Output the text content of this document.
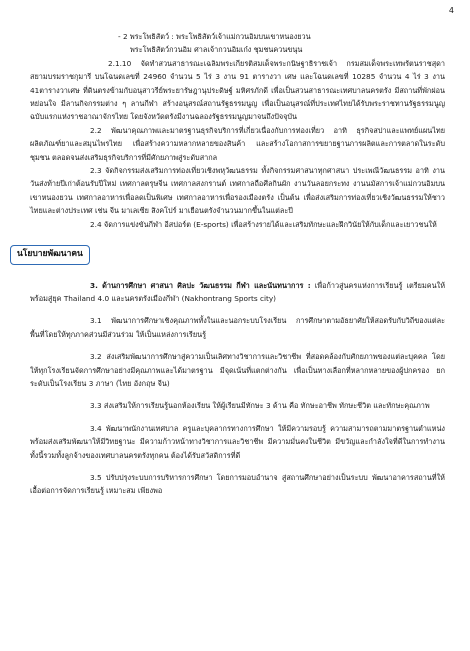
4

- 2 พระโพธิสัตว์ : พระโพธิสัตว์เจ้าแม่กวนอิมบนเขาหนองยวน

พระโพธิสัตว์กวนอิม ศาลเจ้ากวนอิมเก๋ง ชุมชนควนขนุน

2.1.10 จัดทำสวนสาธารณะเฉลิมพระเกียรติสมเด็จพระกนิษฐาธิราชเจ้า กรมสมเด็จพระเทพรัตนราชสุดา สยามบรมราชกุมารี บนโฉนดเลขที่ 24960 จำนวน 5 ไร่ 3 งาน 91 ตารางวา เศษ และโฉนดเลขที่ 10285 จำนวน 4 ไร่ 3 งาน 41ตารางวาเศษ ที่ดินตรงข้ามกับอนุสาวรีย์พระยารัษฎานุประดิษฐ์ มหิศรภักดี เพื่อเป็นสวนสาธารณะเทศบาลนครตรัง มีสถานที่พักผ่อนหย่อนใจ มีลานกิจกรรมต่าง ๆ ลานกีฬา สร้างอนุสรณ์สถานรัฐธรรมนูญ เพื่อเป็นอนุสรณ์ที่ประเทศไทยได้รับพระราชทานรัฐธรรมนูญฉบับแรกแห่งราชอาณาจักรไทย โดยจังหวัดตรังมีงานฉลองรัฐธรรมนูญมาจนถึงปัจจุบัน

2.2 พัฒนาคุณภาพและมาตรฐานธุรกิจบริการที่เกี่ยวเนื่องกับการท่องเที่ยว อาทิ ธุรกิจสปาและแพทย์แผนไทย ผลิตภัณฑ์ยาและสมุนไพรไทย เพื่อสร้างความหลากหลายของสินค้า และสร้างโอกาสการขยายฐานการผลิตและการตลาดในระดับชุมชน ตลอดจนส่งเสริมธุรกิจบริการที่มีศักยภาพสู่ระดับสากล

2.3 จัดกิจกรรมส่งเสริมการท่องเที่ยวเชิงพหุวัฒนธรรม ทั้งกิจกรรมศาสนาทุกศาสนา ประเพณีวัฒนธรรม อาทิ งานวันส่งท้ายปีเก่าต้อนรับปีใหม่ เทศกาลตรุษจีน เทศกาลสงกรานต์ เทศกาลถือศีลกินผัก งานวันลอยกระทง งานนมัสการเจ้าแม่กวนอิมบนเขาหนองยวน เทศกาลอาหารเพื่อลดเป็นพิเศษ เทศกาลอาหารเพื่อรองเมืองตรัง เป็นต้น เพื่อส่งเสริมการท่องเที่ยวเชิงวัฒนธรรมให้ชาวไทยและต่างประเทศ เช่น จีน มาเลเซีย สิงคโปร์ มาเยือนตรังจำนวนมากขึ้นในแต่ละปี

2.4 จัดการแข่งขันกีฬา อีสปอร์ต (E-sports) เพื่อสร้างรายได้และเสริมทักษะและฝึกวินัยให้กับเด็กและเยาวชนให้

นโยบายพัฒนาคน

3. ด้านการศึกษา ศาสนา ศิลปะ วัฒนธรรม กีฬา และนันทนาการ : เพื่อก้าวสู่นครแห่งการเรียนรู้ เตรียมคนให้พร้อมสู่ยุค Thailand 4.0 และนครตรังเมืองกีฬา (Nakhontrang Sports city)

3.1 พัฒนาการศึกษาเชิงคุณภาพทั้งในและนอกระบบโรงเรียน การศึกษาตามอัธยาศัยให้สอดรับกับวิถีของแต่ละพื้นที่โดยให้ทุกภาคส่วนมีส่วนร่วม ให้เป็นแหล่งการเรียนรู้

3.2 ส่งเสริมพัฒนาการศึกษาสู่ความเป็นเลิศทางวิชาการและวิชาชีพ ที่สอดคล้องกับศักยภาพของแต่ละบุคคล โดยให้ทุกโรงเรียนจัดการศึกษาอย่างมีคุณภาพและได้มาตรฐาน มีจุดเน้นที่แตกต่างกัน เพื่อเป็นทางเลือกที่หลากหลายของผู้ปกครอง ยกระดับเป็นโรงเรียน 3 ภาษา (ไทย อังกฤษ จีน)

3.3 ส่งเสริมให้การเรียนรู้นอกห้องเรียน ให้ผู้เรียนมีทักษะ 3 ด้าน คือ ทักษะอาชีพ ทักษะชีวิต และทักษะคุณภาพ

3.4 พัฒนาพนักงานเทศบาล ครูและบุคลากรทางการศึกษา ให้มีความรอบรู้ ความสามารถตามมาตรฐานตำแหน่ง พร้อมส่งเสริมพัฒนาให้มีวิทยฐานะ มีความก้าวหน้าทางวิชาการและวิชาชีพ มีความมั่นคงในชีวิต มีขวัญและกำลังใจที่ดีในการทำงาน ทั้งนี้รวมทั้งลูกจ้างของเทศบาลนครตรังทุกคน ต้องได้รับสวัสดิการที่ดี

3.5 ปรับปรุงระบบการบริหารการศึกษา โดยการมอบอำนาจ สู่สถานศึกษาอย่างเป็นระบบ พัฒนาอาคารสถานที่ให้เอื้อต่อการจัดการเรียนรู้ เหมาะสม เพียงพอ
